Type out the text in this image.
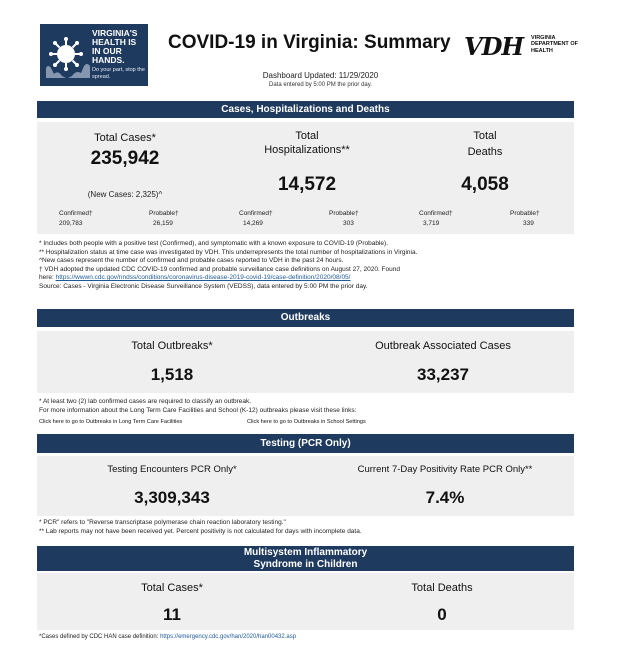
VIRGINIA'S HEALTH IS IN OUR HANDS.
Do your part, stop the spread.
COVID-19 in Virginia: Summary VDH VIRGINIA DEPARTMENT OF HEALTH
Dashboard Updated: 11/29/2020
Data entered by 5:00 PM the prior day.
Cases, Hospitalizations and Deaths
Total Cases*
235,942
(New Cases: 2,325)^
Confirmed†
209,783
Probable†
26,159
Total
Hospitalizations**
14,572
Confirmed†
14,269
Probable†
303
Total
Deaths
4,058
Confirmed†
3,719
Probable†
339
* Includes both people with a positive test (Confirmed), and symptomatic with a known exposure to COVID-19 (Probable).
** Hospitalization status at time case was investigated by VDH. This underrepresents the total number of hospitalizations in Virginia.
^New cases represent the number of confirmed and probable cases reported to VDH in the past 24 hours.
† VDH adopted the updated CDC COVID-19 confirmed and probable surveillance case definitions on August 27, 2020. Found
here: https://wwwn.cdc.gov/nndss/conditions/coronavirus-disease-2019-covid-19/case-definition/2020/08/05/
Source: Cases - Virginia Electronic Disease Surveillance System (VEDSS), data entered by 5:00 PM the prior day.
Outbreaks
Total Outbreaks*
1,518
Outbreak Associated Cases
33,237
* At least two (2) lab confirmed cases are required to classify an outbreak.
For more information about the Long Term Care Facilities and School (K-12) outbreaks please visit these links:
Click here to go to Outbreaks in Long Term Care Facilities	Click here to go to Outbreaks in School Settings
Testing (PCR Only)
Testing Encounters PCR Only*
3,309,343
Current 7-Day Positivity Rate PCR Only**
7.4%
* PCR" refers to "Reverse transcriptase polymerase chain reaction laboratory testing."
** Lab reports may not have been received yet. Percent positivity is not calculated for days with incomplete data.
Multisystem Inflammatory
Syndrome in Children
Total Cases*
11
Total Deaths
0
*Cases defined by CDC HAN case definition: https://emergency.cdc.gov/han/2020/han00432.asp
